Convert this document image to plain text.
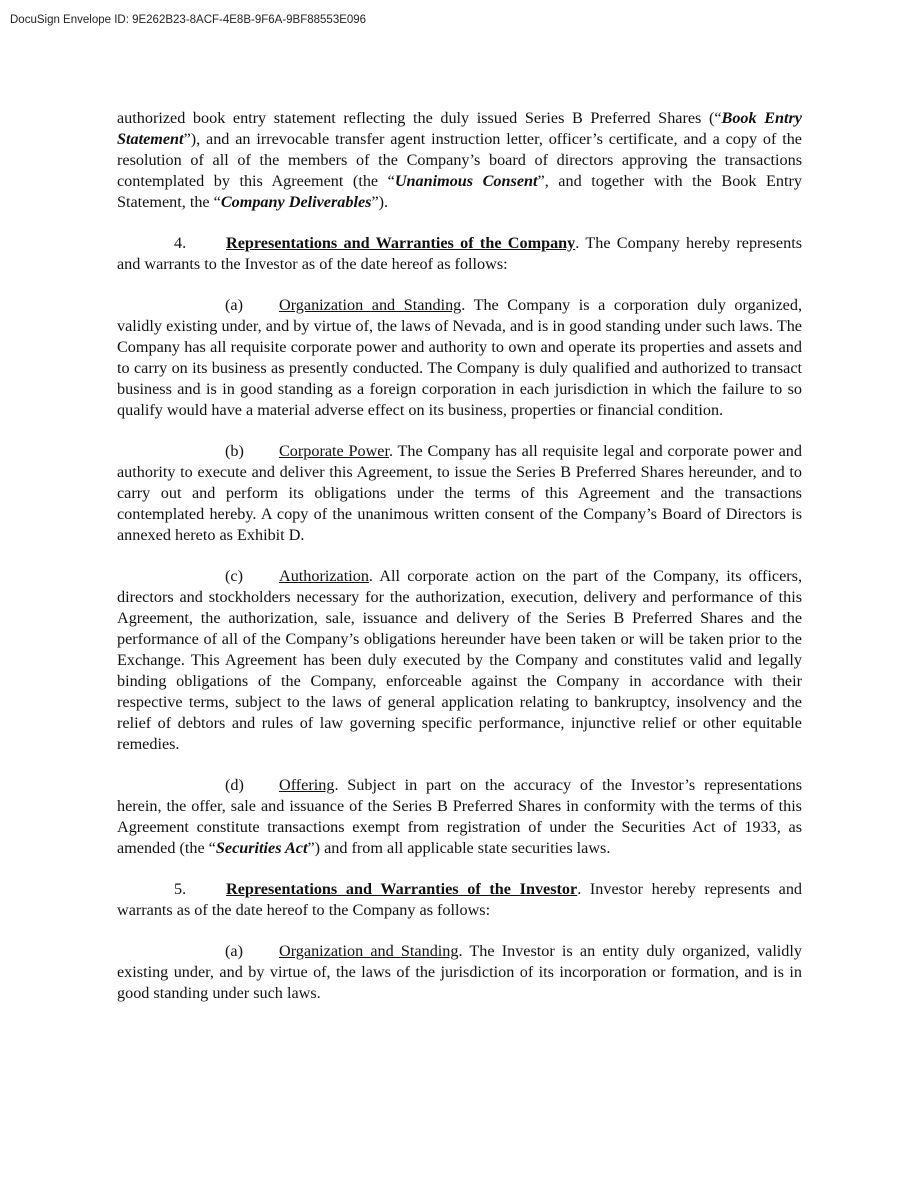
DocuSign Envelope ID: 9E262B23-8ACF-4E8B-9F6A-9BF88553E096

authorized book entry statement reflecting the duly issued Series B Preferred Shares (“Book Entry Statement”), and an irrevocable transfer agent instruction letter, officer’s certificate, and a copy of the resolution of all of the members of the Company’s board of directors approving the transactions contemplated by this Agreement (the “Unanimous Consent”, and together with the Book Entry Statement, the “Company Deliverables”).

4. Representations and Warranties of the Company. The Company hereby represents and warrants to the Investor as of the date hereof as follows:

(a) Organization and Standing. The Company is a corporation duly organized, validly existing under, and by virtue of, the laws of Nevada, and is in good standing under such laws. The Company has all requisite corporate power and authority to own and operate its properties and assets and to carry on its business as presently conducted. The Company is duly qualified and authorized to transact business and is in good standing as a foreign corporation in each jurisdiction in which the failure to so qualify would have a material adverse effect on its business, properties or financial condition.

(b) Corporate Power. The Company has all requisite legal and corporate power and authority to execute and deliver this Agreement, to issue the Series B Preferred Shares hereunder, and to carry out and perform its obligations under the terms of this Agreement and the transactions contemplated hereby. A copy of the unanimous written consent of the Company’s Board of Directors is annexed hereto as Exhibit D.

(c) Authorization. All corporate action on the part of the Company, its officers, directors and stockholders necessary for the authorization, execution, delivery and performance of this Agreement, the authorization, sale, issuance and delivery of the Series B Preferred Shares and the performance of all of the Company’s obligations hereunder have been taken or will be taken prior to the Exchange. This Agreement has been duly executed by the Company and constitutes valid and legally binding obligations of the Company, enforceable against the Company in accordance with their respective terms, subject to the laws of general application relating to bankruptcy, insolvency and the relief of debtors and rules of law governing specific performance, injunctive relief or other equitable remedies.

(d) Offering. Subject in part on the accuracy of the Investor’s representations herein, the offer, sale and issuance of the Series B Preferred Shares in conformity with the terms of this Agreement constitute transactions exempt from registration of under the Securities Act of 1933, as amended (the “Securities Act”) and from all applicable state securities laws.

5. Representations and Warranties of the Investor. Investor hereby represents and warrants as of the date hereof to the Company as follows:

(a) Organization and Standing. The Investor is an entity duly organized, validly existing under, and by virtue of, the laws of the jurisdiction of its incorporation or formation, and is in good standing under such laws.
